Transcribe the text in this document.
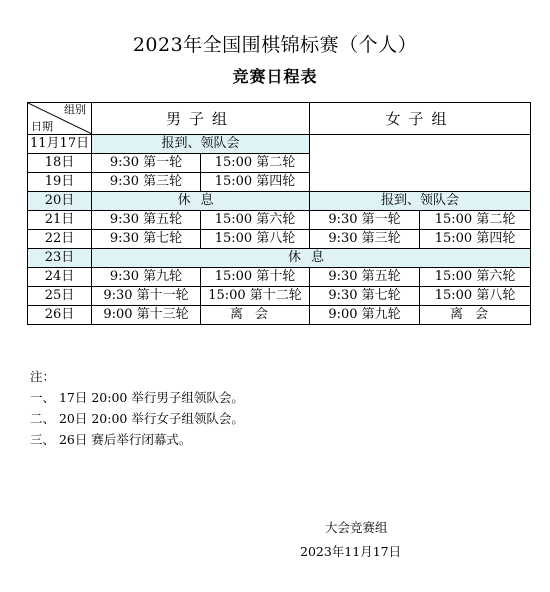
2023年全国围棋锦标赛（个人）
竞赛日程表
组别
日期	男子组		女子组	
11月17日	报到、领队会			
18日	9:30 第一轮	15:00 第二轮		
19日	9:30 第三轮	15:00 第四轮		
20日	休息		报到、领队会	
21日	9:30 第五轮	15:00 第六轮	9:30 第一轮	15:00 第二轮
22日	9:30 第七轮	15:00 第八轮	9:30 第三轮	15:00 第四轮
23日	休息			
24日	9:30 第九轮	15:00 第十轮	9:30 第五轮	15:00 第六轮
25日	9:30 第十一轮	15:00 第十二轮	9:30 第七轮	15:00 第八轮
26日	9:00 第十三轮	离会	9:00 第九轮	离会
注：
一、 17日 20:00 举行男子组领队会。
二、 20日 20:00 举行女子组领队会。
三、 26日 赛后举行闭幕式。
大会竞赛组
2023年11月17日
